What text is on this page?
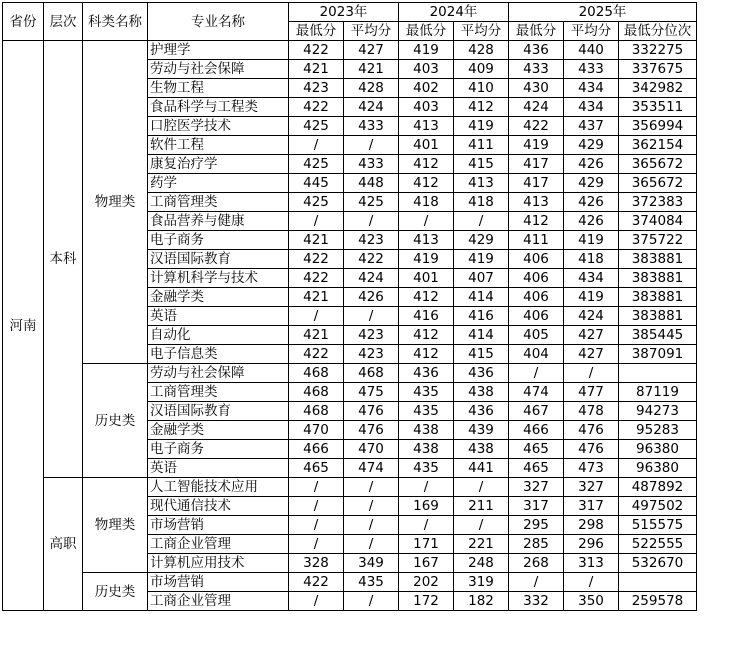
省份	层次	科类名称	专业名称	2023年		2024年		2025年		
				最低分	平均分	最低分	平均分	最低分	平均分	最低分位次
河南	本科	物理类	护理学	422	427	419	428	436	440	332275
			劳动与社会保障	421	421	403	409	433	433	337675
			生物工程	423	428	402	410	430	434	342982
			食品科学与工程类	422	424	403	412	424	434	353511
			口腔医学技术	425	433	413	419	422	437	356994
			软件工程	/	/	401	411	419	429	362154
			康复治疗学	425	433	412	415	417	426	365672
			药学	445	448	412	413	417	429	365672
			工商管理类	425	425	418	418	413	426	372383
			食品营养与健康	/	/	/	/	412	426	374084
			电子商务	421	423	413	429	411	419	375722
			汉语国际教育	422	422	419	419	406	418	383881
			计算机科学与技术	422	424	401	407	406	434	383881
			金融学类	421	426	412	414	406	419	383881
			英语	/	/	416	416	406	424	383881
			自动化	421	423	412	414	405	427	385445
			电子信息类	422	423	412	415	404	427	387091
		历史类	劳动与社会保障	468	468	436	436	/	/	
			工商管理类	468	475	435	438	474	477	87119
			汉语国际教育	468	476	435	436	467	478	94273
			金融学类	470	476	438	439	466	476	95283
			电子商务	466	470	438	438	465	476	96380
			英语	465	474	435	441	465	473	96380
	高职	物理类	人工智能技术应用	/	/	/	/	327	327	487892
			现代通信技术	/	/	169	211	317	317	497502
			市场营销	/	/	/	/	295	298	515575
			工商企业管理	/	/	171	221	285	296	522555
			计算机应用技术	328	349	167	248	268	313	532670
		历史类	市场营销	422	435	202	319	/	/	
			工商企业管理	/	/	172	182	332	350	259578
